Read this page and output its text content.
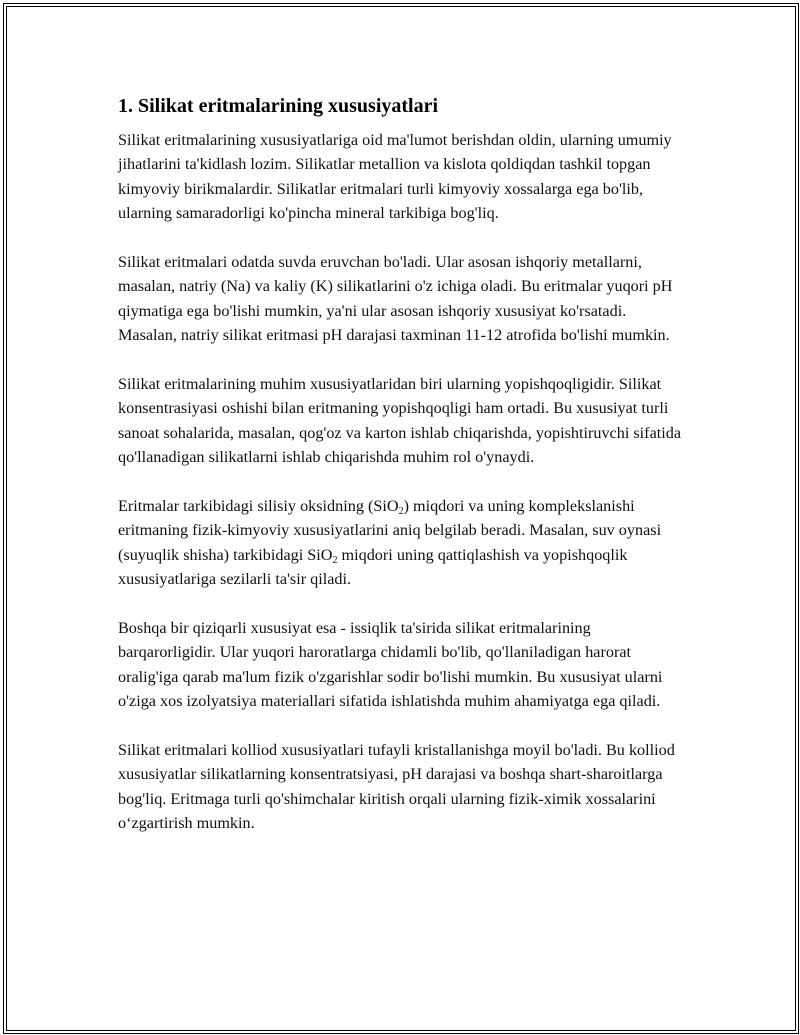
1. Silikat eritmalarining xususiyatlari

Silikat eritmalarining xususiyatlariga oid ma'lumot berishdan oldin, ularning umumiy jihatlarini ta'kidlash lozim. Silikatlar metallion va kislota qoldiqdan tashkil topgan kimyoviy birikmalardir. Silikatlar eritmalari turli kimyoviy xossalarga ega bo'lib, ularning samaradorligi ko'pincha mineral tarkibiga bog'liq.

Silikat eritmalari odatda suvda eruvchan bo'ladi. Ular asosan ishqoriy metallarni, masalan, natriy (Na) va kaliy (K) silikatlarini o'z ichiga oladi. Bu eritmalar yuqori pH qiymatiga ega bo'lishi mumkin, ya'ni ular asosan ishqoriy xususiyat ko'rsatadi. Masalan, natriy silikat eritmasi pH darajasi taxminan 11-12 atrofida bo'lishi mumkin.

Silikat eritmalarining muhim xususiyatlaridan biri ularning yopishqoqligidir. Silikat konsentrasiyasi oshishi bilan eritmaning yopishqoqligi ham ortadi. Bu xususiyat turli sanoat sohalarida, masalan, qog'oz va karton ishlab chiqarishda, yopishtiruvchi sifatida qo'llanadigan silikatlarni ishlab chiqarishda muhim rol o'ynaydi.

Eritmalar tarkibidagi silisiy oksidning (SiO$_2$) miqdori va uning komplekslanishi eritmaning fizik-kimyoviy xususiyatlarini aniq belgilab beradi. Masalan, suv oynasi (suyuqlik shisha) tarkibidagi SiO$_2$ miqdori uning qattiqlashish va yopishqoqlik xususiyatlariga sezilarli ta'sir qiladi.

Boshqa bir qiziqarli xususiyat esa - issiqlik ta'sirida silikat eritmalarining barqarorligidir. Ular yuqori haroratlarga chidamli bo'lib, qo'llaniladigan harorat oralig'iga qarab ma'lum fizik o'zgarishlar sodir bo'lishi mumkin. Bu xususiyat ularni o'ziga xos izolyatsiya materiallari sifatida ishlatishda muhim ahamiyatga ega qiladi.

Silikat eritmalari kolliod xususiyatlari tufayli kristallanishga moyil bo'ladi. Bu kolliod xususiyatlar silikatlarning konsentratsiyasi, pH darajasi va boshqa shart-sharoitlarga bog'liq. Eritmaga turli qo'shimchalar kiritish orqali ularning fizik-ximik xossalarini o‘zgartirish mumkin.
